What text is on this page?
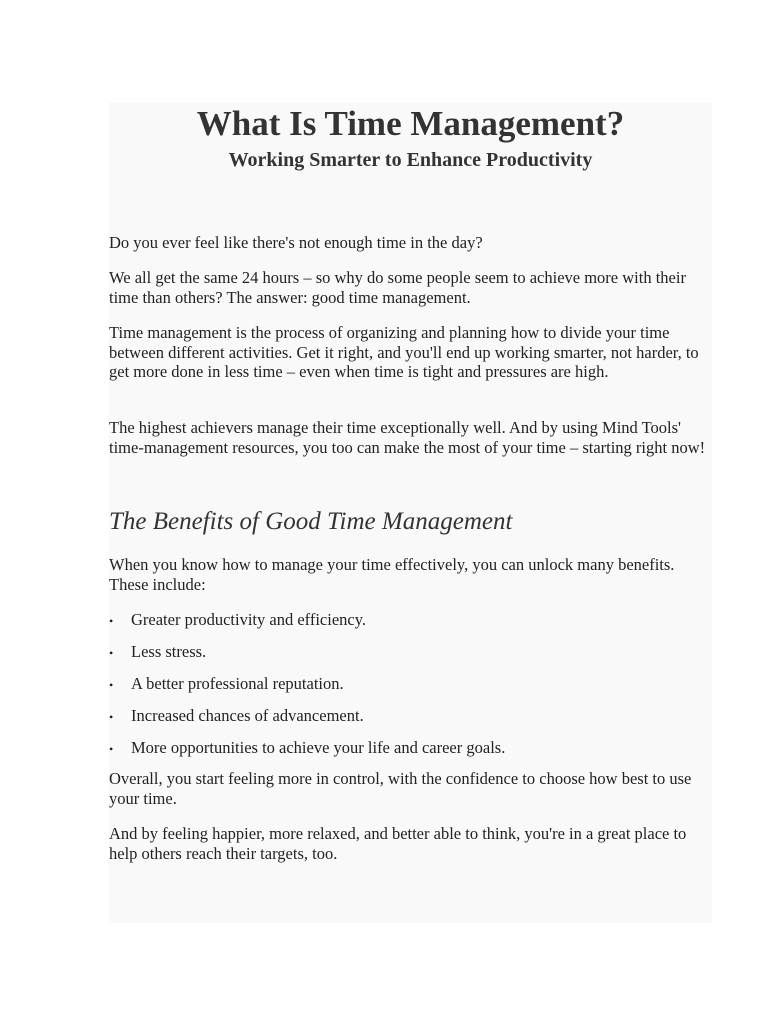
What Is Time Management?
Working Smarter to Enhance Productivity

Do you ever feel like there's not enough time in the day?

We all get the same 24 hours – so why do some people seem to achieve more with their time than others? The answer: good time management.

Time management is the process of organizing and planning how to divide your time between different activities. Get it right, and you'll end up working smarter, not harder, to get more done in less time – even when time is tight and pressures are high.

The highest achievers manage their time exceptionally well. And by using Mind Tools' time-management resources, you too can make the most of your time – starting right now!

The Benefits of Good Time Management

When you know how to manage your time effectively, you can unlock many benefits. These include:

•	Greater productivity and efficiency.
•	Less stress.
•	A better professional reputation.
•	Increased chances of advancement.
•	More opportunities to achieve your life and career goals.

Overall, you start feeling more in control, with the confidence to choose how best to use your time.

And by feeling happier, more relaxed, and better able to think, you're in a great place to help others reach their targets, too.
